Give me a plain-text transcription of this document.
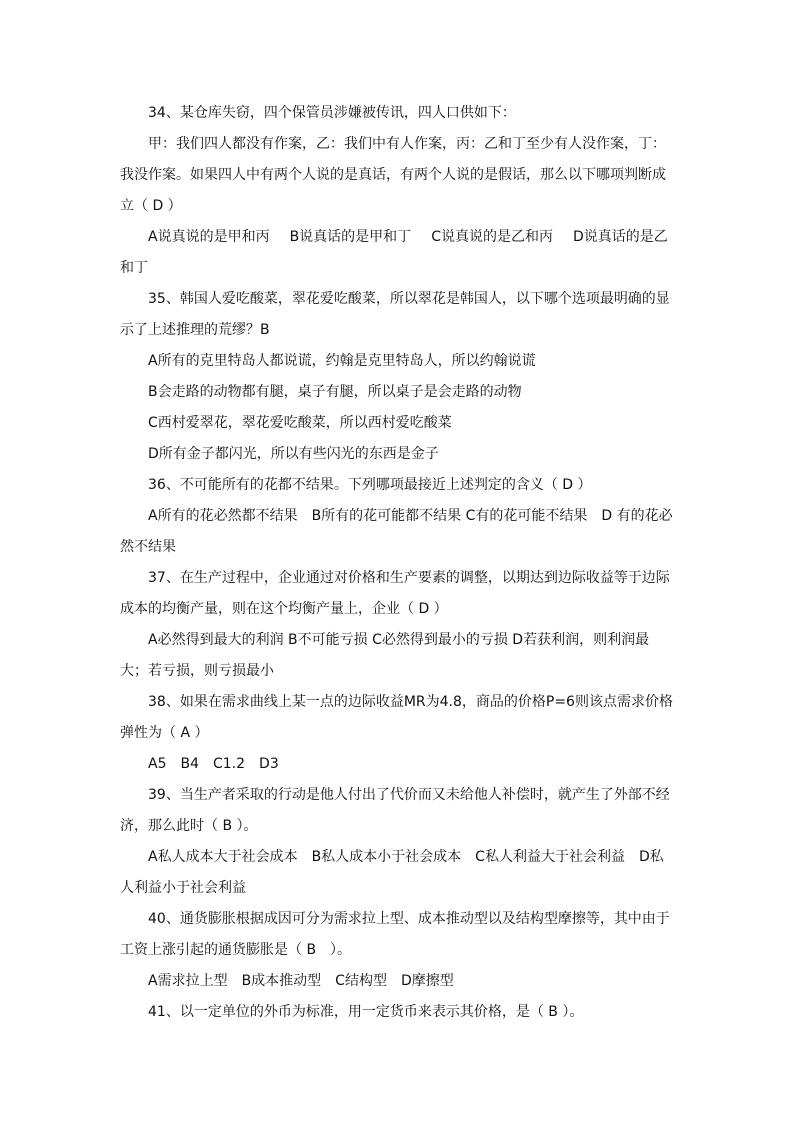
34、某仓库失窃，四个保管员涉嫌被传讯，四人口供如下：

甲：我们四人都没有作案，乙：我们中有人作案，丙：乙和丁至少有人没作案，丁：我没作案。如果四人中有两个人说的是真话，有两个人说的是假话，那么以下哪项判断成立（ D ）

A说真说的是甲和丙 B说真话的是甲和丁 C说真说的是乙和丙 D说真话的是乙和丁

35、韩国人爱吃酸菜，翠花爱吃酸菜，所以翠花是韩国人，以下哪个选项最明确的显示了上述推理的荒缪？B

A所有的克里特岛人都说谎，约翰是克里特岛人，所以约翰说谎

B会走路的动物都有腿，桌子有腿，所以桌子是会走路的动物

C西村爱翠花，翠花爱吃酸菜，所以西村爱吃酸菜

D所有金子都闪光，所以有些闪光的东西是金子

36、不可能所有的花都不结果。下列哪项最接近上述判定的含义（ D ）

A所有的花必然都不结果　B所有的花可能都不结果 C有的花可能不结果　D 有的花必然不结果

37、在生产过程中，企业通过对价格和生产要素的调整，以期达到边际收益等于边际成本的均衡产量，则在这个均衡产量上，企业（ D ）

A必然得到最大的利润 B不可能亏损 C必然得到最小的亏损 D若获利润，则利润最大；若亏损，则亏损最小

38、如果在需求曲线上某一点的边际收益MR为4.8，商品的价格P=6则该点需求价格弹性为（ A ）

A5　B4　C1.2　D3

39、当生产者采取的行动是他人付出了代价而又未给他人补偿时，就产生了外部不经济，那么此时（ B ）。

A私人成本大于社会成本　B私人成本小于社会成本　C私人利益大于社会利益　D私人利益小于社会利益

40、通货膨胀根据成因可分为需求拉上型、成本推动型以及结构型摩擦等，其中由于工资上涨引起的通货膨胀是（ B　）。

A需求拉上型　B成本推动型　C结构型　D摩擦型

41、以一定单位的外币为标准，用一定货币来表示其价格，是（ B ）。
